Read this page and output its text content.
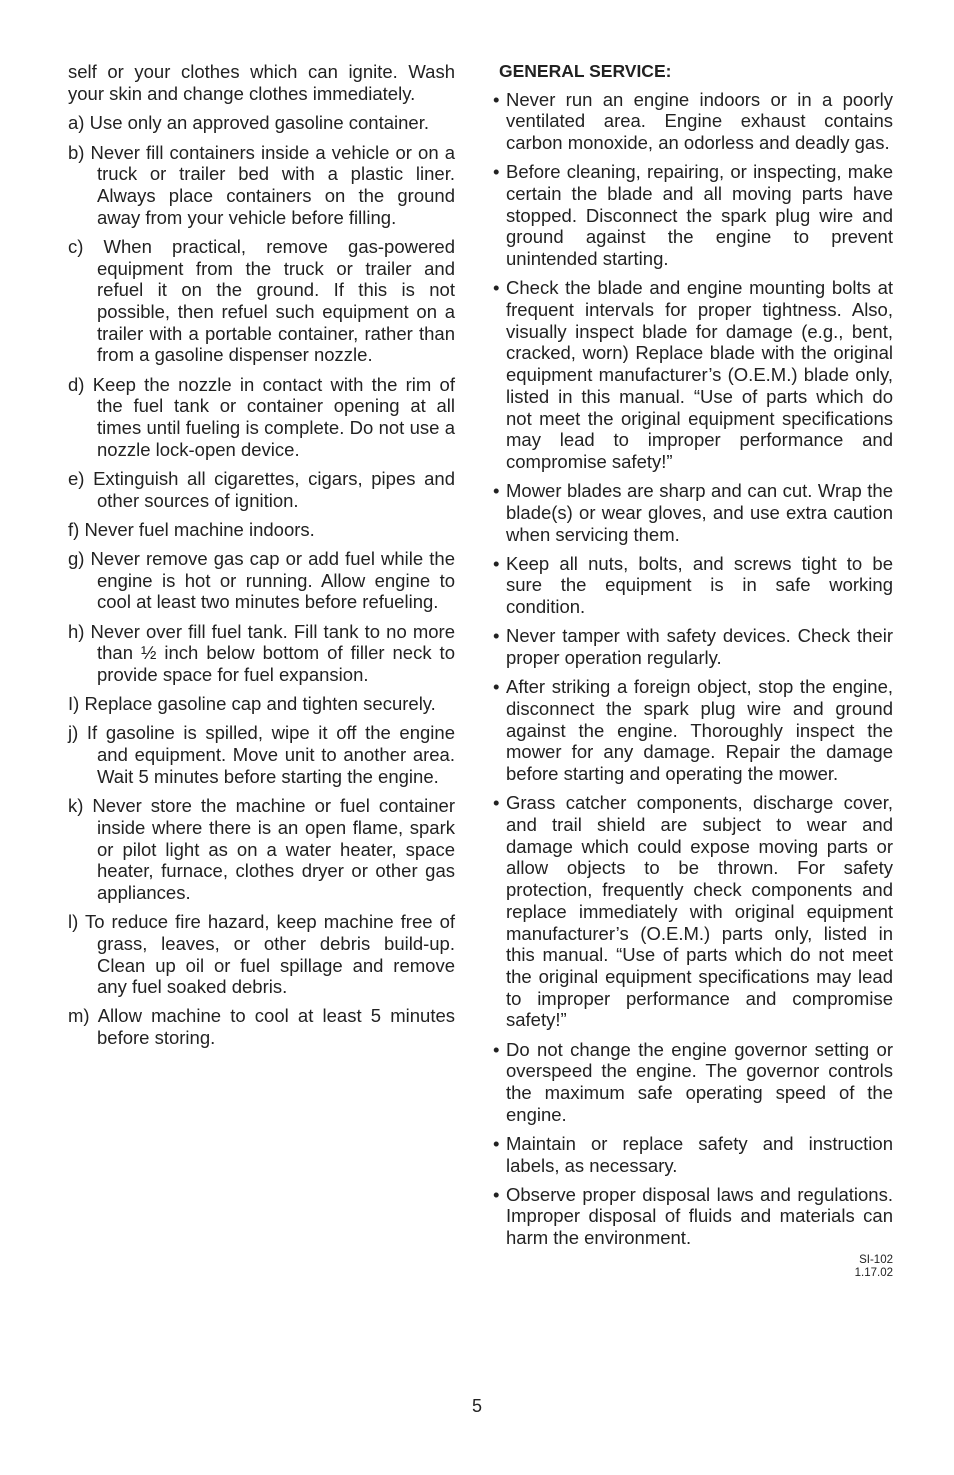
self or your clothes which can ignite. Wash your skin and change clothes immediately.

a) Use only an approved gasoline container.

b) Never fill containers inside a vehicle or on a truck or trailer bed with a plastic liner. Always place containers on the ground away from your vehicle before filling.

c) When practical, remove gas-powered equipment from the truck or trailer and refuel it on the ground. If this is not possible, then refuel such equipment on a trailer with a portable container, rather than from a gasoline dispenser nozzle.

d) Keep the nozzle in contact with the rim of the fuel tank or container opening at all times until fueling is complete. Do not use a nozzle lock-open device.

e) Extinguish all cigarettes, cigars, pipes and other sources of ignition.

f) Never fuel machine indoors.

g) Never remove gas cap or add fuel while the engine is hot or running. Allow engine to cool at least two minutes before refueling.

h) Never over fill fuel tank. Fill tank to no more than ½ inch below bottom of filler neck to provide space for fuel expansion.

I) Replace gasoline cap and tighten securely.

j) If gasoline is spilled, wipe it off the engine and equipment. Move unit to another area. Wait 5 minutes before starting the engine.

k) Never store the machine or fuel container inside where there is an open flame, spark or pilot light as on a water heater, space heater, furnace, clothes dryer or other gas appliances.

l) To reduce fire hazard, keep machine free of grass, leaves, or other debris build-up. Clean up oil or fuel spillage and remove any fuel soaked debris.

m) Allow machine to cool at least 5 minutes before storing.

GENERAL SERVICE:

• Never run an engine indoors or in a poorly ventilated area. Engine exhaust contains carbon monoxide, an odorless and deadly gas.

• Before cleaning, repairing, or inspecting, make certain the blade and all moving parts have stopped. Disconnect the spark plug wire and ground against the engine to prevent unintended starting.

• Check the blade and engine mounting bolts at frequent intervals for proper tightness. Also, visually inspect blade for damage (e.g., bent, cracked, worn) Replace blade with the original equipment manufacturer’s (O.E.M.) blade only, listed in this manual. “Use of parts which do not meet the original equipment specifications may lead to improper performance and compromise safety!”

• Mower blades are sharp and can cut. Wrap the blade(s) or wear gloves, and use extra caution when servicing them.

• Keep all nuts, bolts, and screws tight to be sure the equipment is in safe working condition.

• Never tamper with safety devices. Check their proper operation regularly.

• After striking a foreign object, stop the engine, disconnect the spark plug wire and ground against the engine. Thoroughly inspect the mower for any damage. Repair the damage before starting and operating the mower.

• Grass catcher components, discharge cover, and trail shield are subject to wear and damage which could expose moving parts or allow objects to be thrown. For safety protection, frequently check components and replace immediately with original equipment manufacturer’s (O.E.M.) parts only, listed in this manual. “Use of parts which do not meet the original equipment specifications may lead to improper performance and compromise safety!”

• Do not change the engine governor setting or overspeed the engine. The governor controls the maximum safe operating speed of the engine.

• Maintain or replace safety and instruction labels, as necessary.

• Observe proper disposal laws and regulations. Improper disposal of fluids and materials can harm the environment.

SI-102
1.17.02
5
